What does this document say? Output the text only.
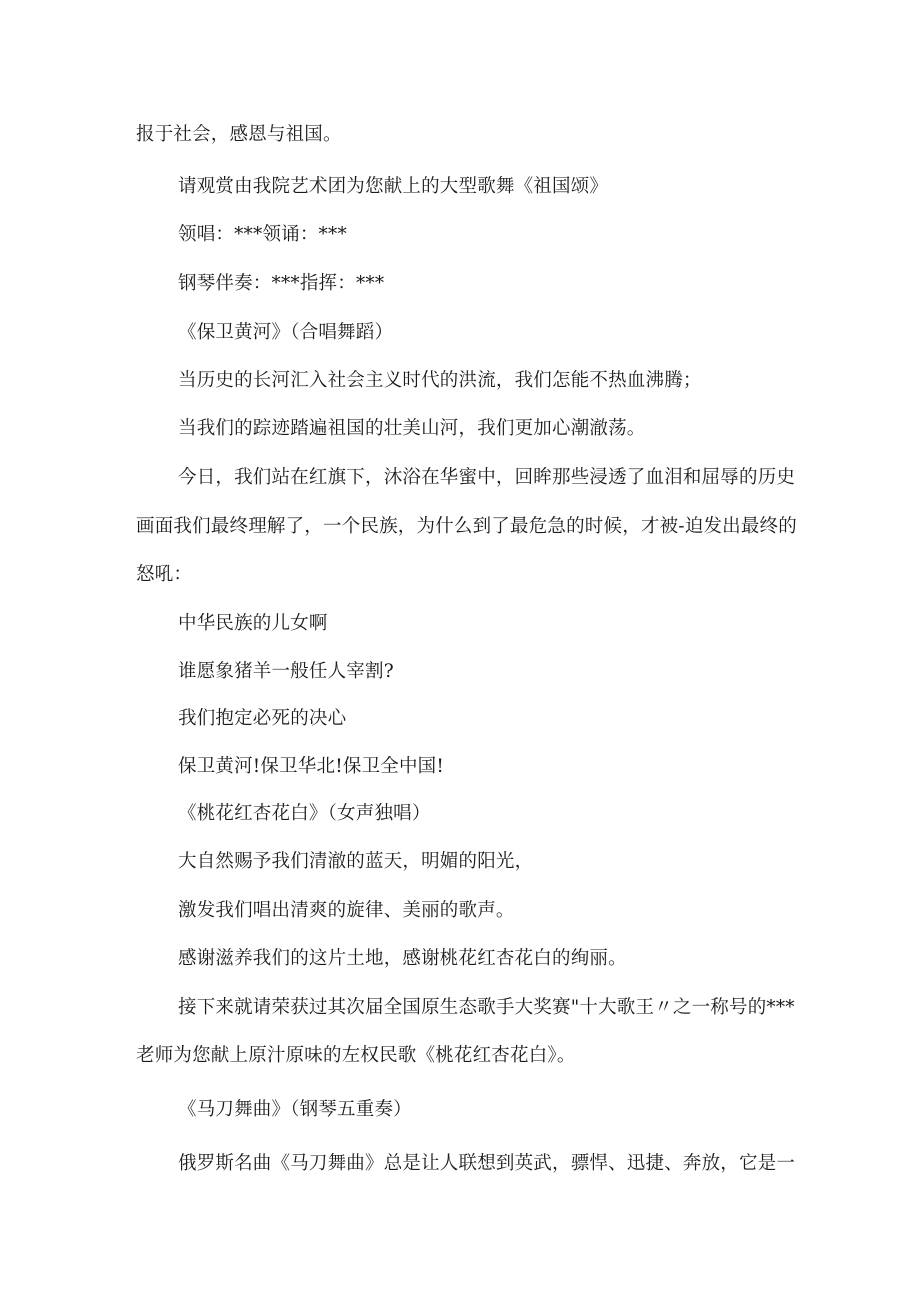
报于社会，感恩与祖国。
请观赏由我院艺术团为您献上的大型歌舞《祖国颂》
领唱：***领诵：***
钢琴伴奏：***指挥：***
《保卫黄河》（合唱舞蹈）
当历史的长河汇入社会主义时代的洪流，我们怎能不热血沸腾；
当我们的踪迹踏遍祖国的壮美山河，我们更加心潮澈荡。
今日，我们站在红旗下，沐浴在华蜜中，回眸那些浸透了血泪和屈辱的历史
画面我们最终理解了，一个民族，为什么到了最危急的时候，才被-迫发出最终的
怒吼：
中华民族的儿女啊
谁愿象猪羊一般任人宰割?
我们抱定必死的决心
保卫黄河!保卫华北!保卫全中国!
《桃花红杏花白》（女声独唱）
大自然赐予我们清澈的蓝天，明媚的阳光，
激发我们唱出清爽的旋律、美丽的歌声。
感谢滋养我们的这片土地，感谢桃花红杏花白的绚丽。
接下来就请荣获过其次届全国原生态歌手大奖赛"十大歌王〃之一称号的***
老师为您献上原汁原味的左权民歌《桃花红杏花白》。
《马刀舞曲》（钢琴五重奏）
俄罗斯名曲《马刀舞曲》总是让人联想到英武，骠悍、迅捷、奔放，它是一
